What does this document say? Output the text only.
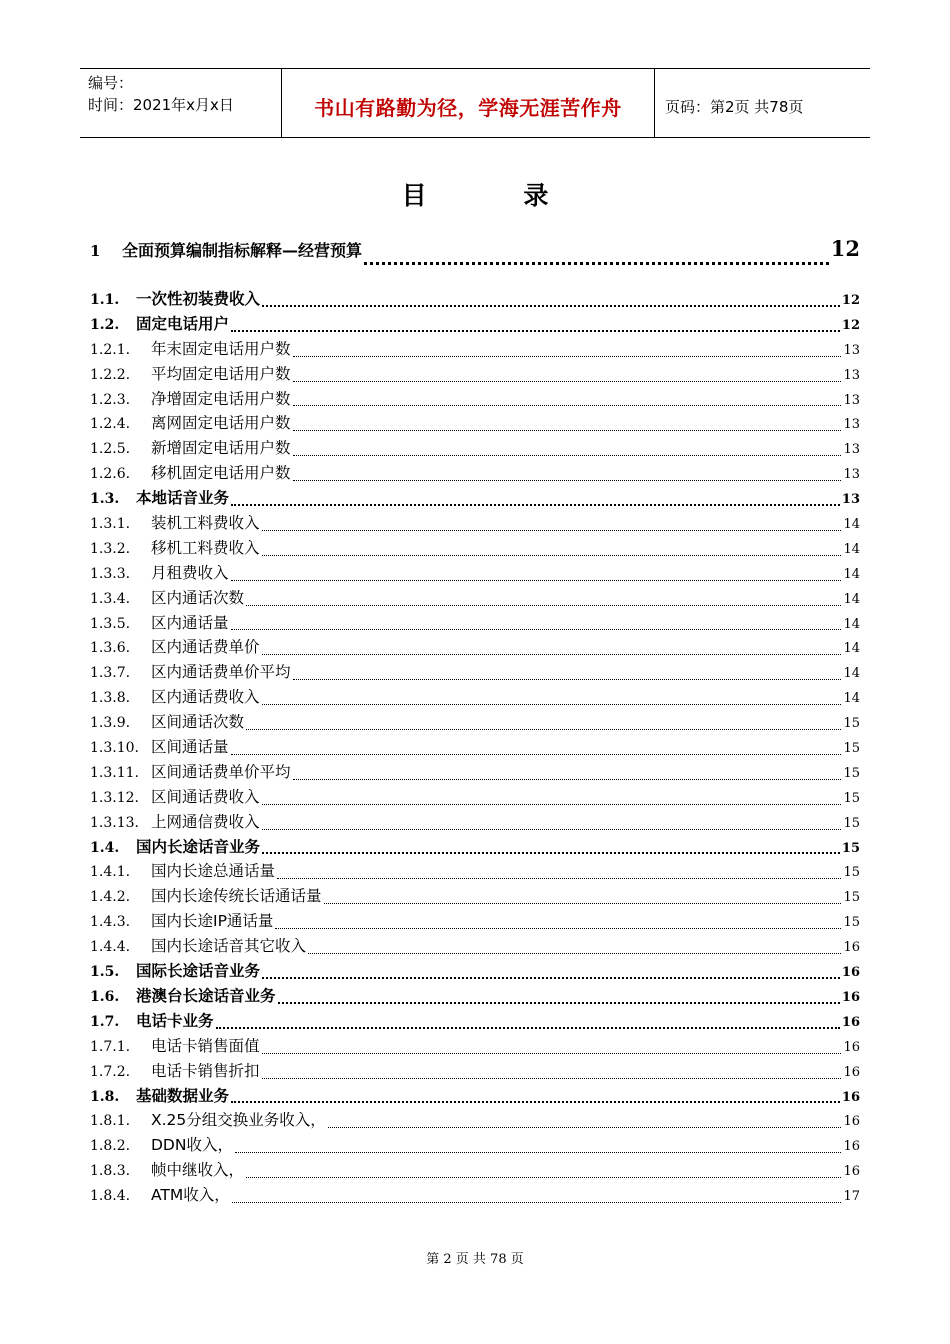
编号：
时间：2021年x月x日	书山有路勤为径，学海无涯苦作舟	页码：第2页 共78页
目 录
1	全面预算编制指标解释—经营预算	12
1.1.	一次性初装费收入	12
1.2.	固定电话用户	12
1.2.1.	年末固定电话用户数	13
1.2.2.	平均固定电话用户数	13
1.2.3.	净增固定电话用户数	13
1.2.4.	离网固定电话用户数	13
1.2.5.	新增固定电话用户数	13
1.2.6.	移机固定电话用户数	13
1.3.	本地话音业务	13
1.3.1.	装机工料费收入	14
1.3.2.	移机工料费收入	14
1.3.3.	月租费收入	14
1.3.4.	区内通话次数	14
1.3.5.	区内通话量	14
1.3.6.	区内通话费单价	14
1.3.7.	区内通话费单价平均	14
1.3.8.	区内通话费收入	14
1.3.9.	区间通话次数	15
1.3.10. 区间通话量	15
1.3.11. 区间通话费单价平均	15
1.3.12. 区间通话费收入	15
1.3.13. 上网通信费收入	15
1.4.	国内长途话音业务	15
1.4.1.	国内长途总通话量	15
1.4.2.	国内长途传统长话通话量	15
1.4.3.	国内长途IP通话量	15
1.4.4.	国内长途话音其它收入	16
1.5.	国际长途话音业务	16
1.6.	港澳台长途话音业务	16
1.7.	电话卡业务	16
1.7.1.	电话卡销售面值	16
1.7.2.	电话卡销售折扣	16
1.8.	基础数据业务	16
1.8.1.	X.25分组交换业务收入，	16
1.8.2.	DDN收入，	16
1.8.3.	帧中继收入，	16
1.8.4.	ATM收入，	17
第 2 页 共 78 页
